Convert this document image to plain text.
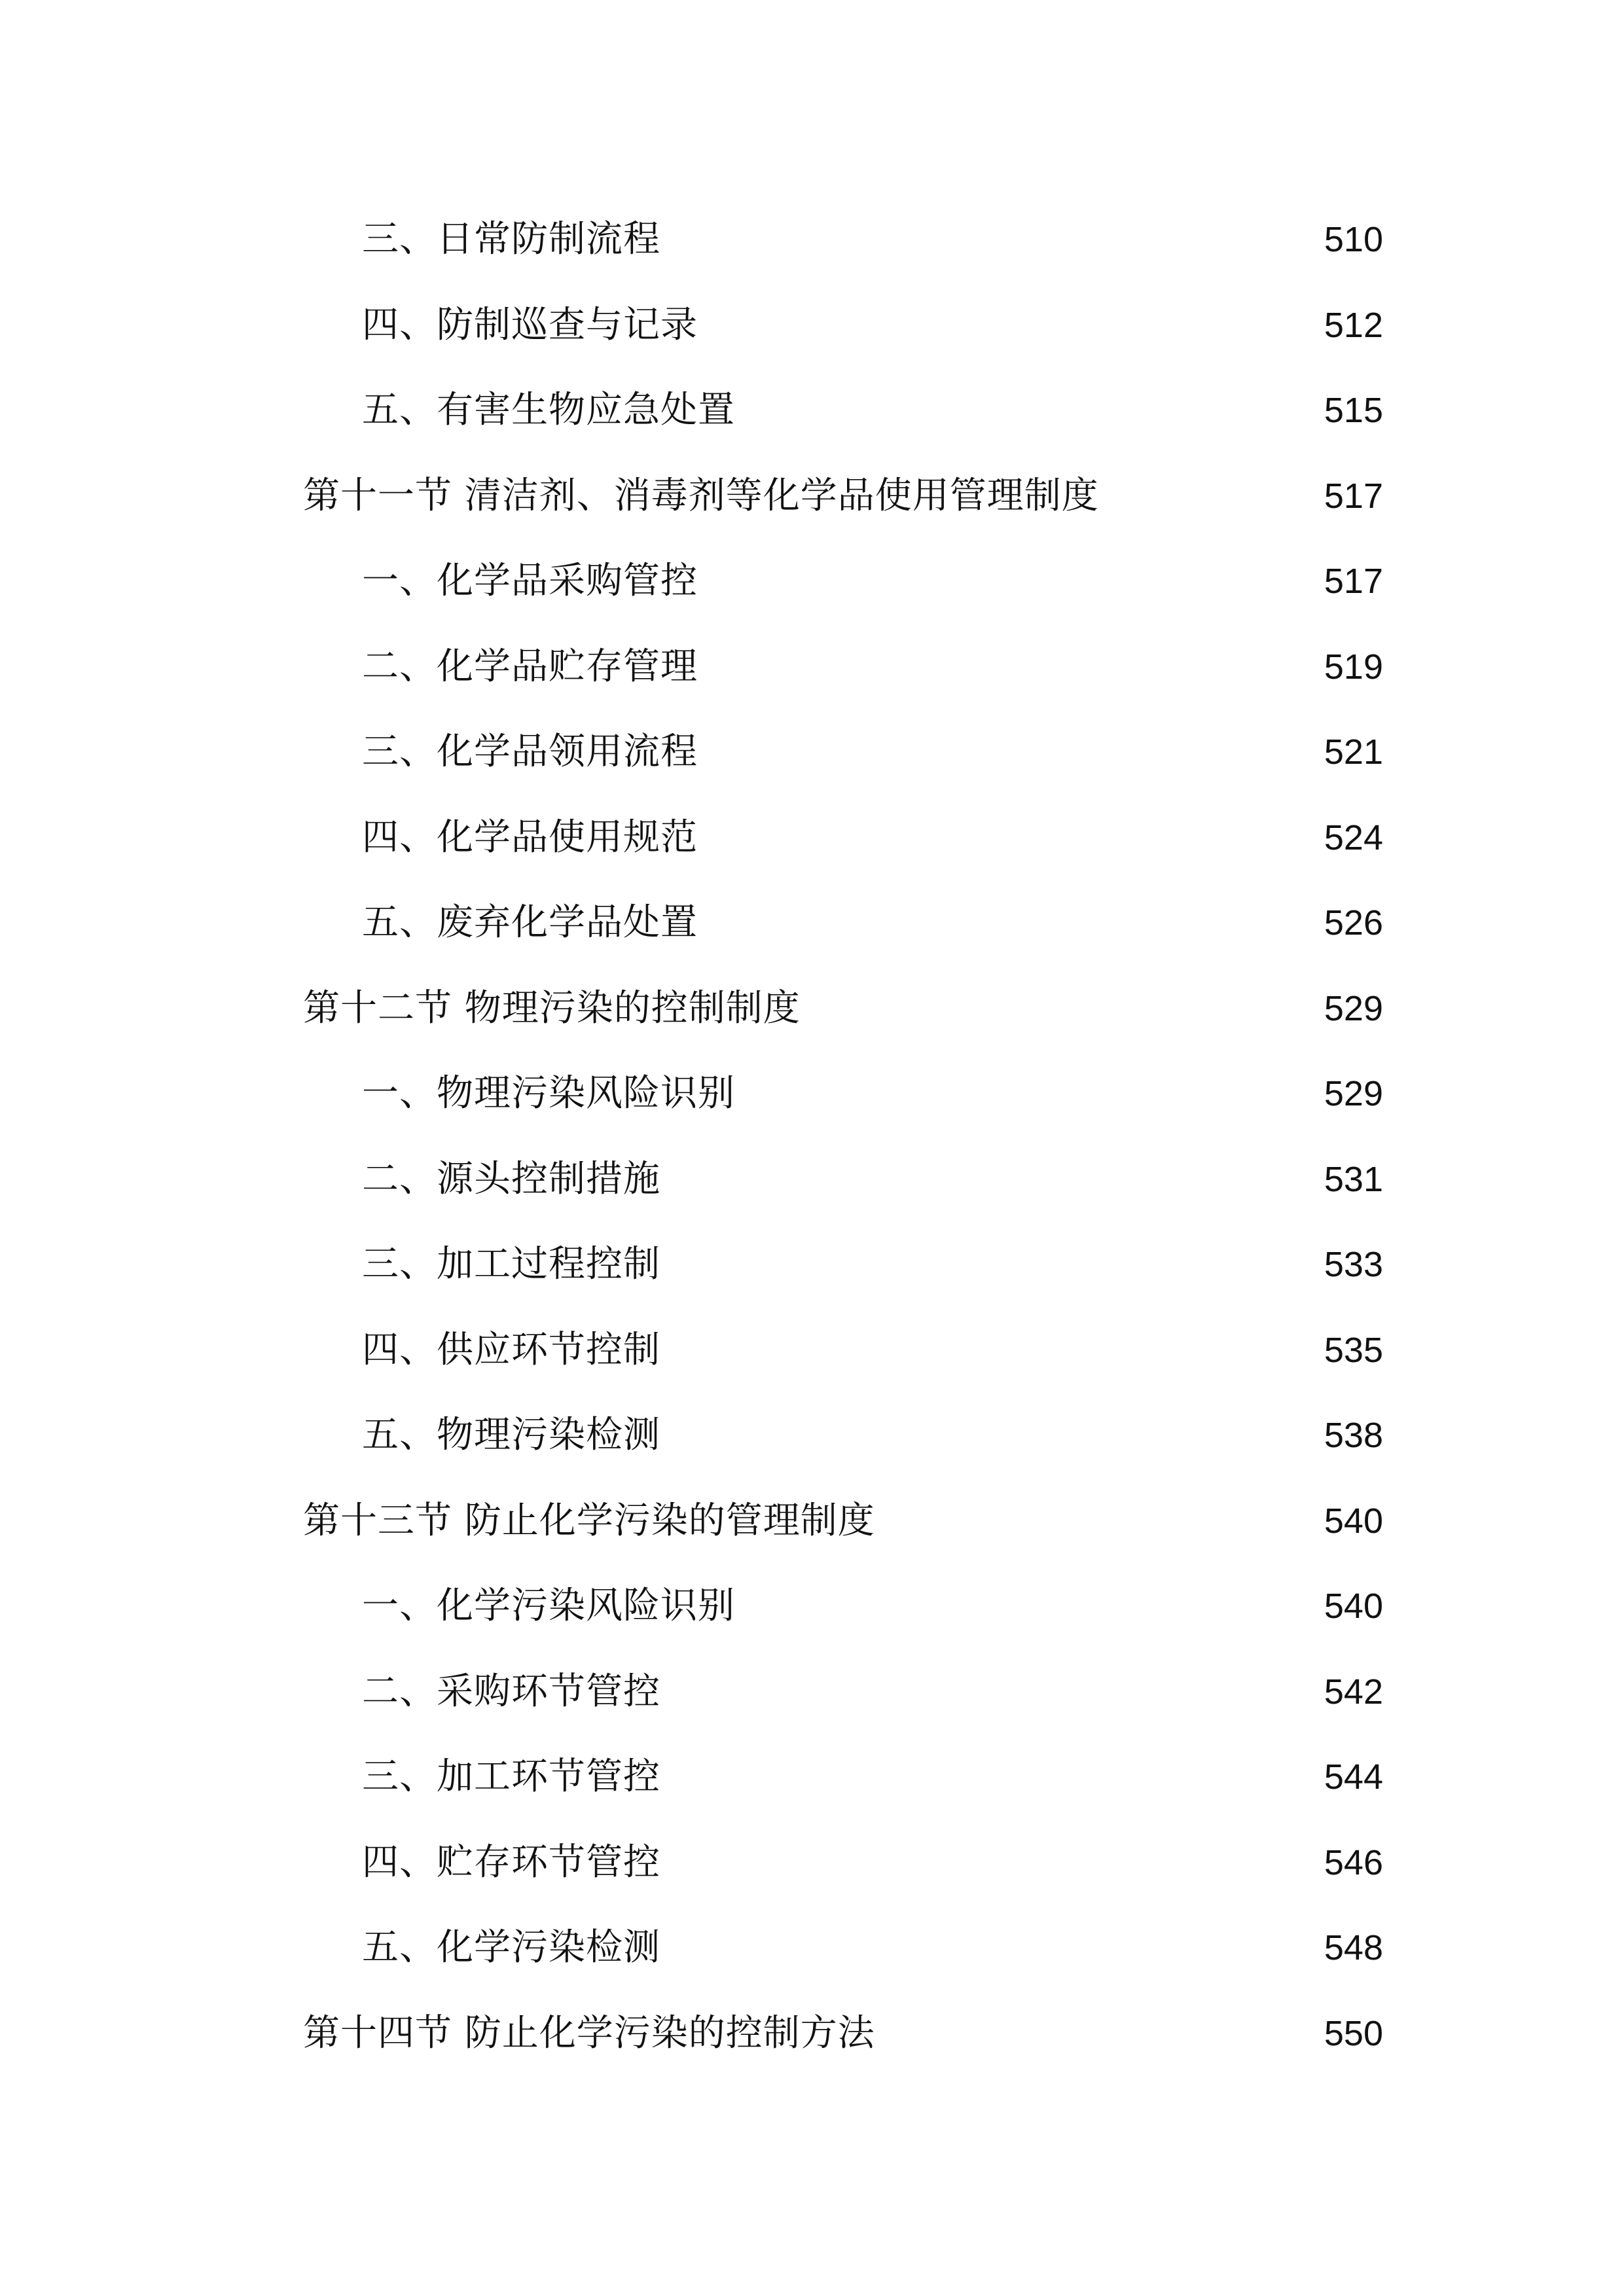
三、日常防制流程	510
四、防制巡查与记录	512
五、有害生物应急处置	515
第十一节 清洁剂、消毒剂等化学品使用管理制度	517
一、化学品采购管控	517
二、化学品贮存管理	519
三、化学品领用流程	521
四、化学品使用规范	524
五、废弃化学品处置	526
第十二节 物理污染的控制制度	529
一、物理污染风险识别	529
二、源头控制措施	531
三、加工过程控制	533
四、供应环节控制	535
五、物理污染检测	538
第十三节 防止化学污染的管理制度	540
一、化学污染风险识别	540
二、采购环节管控	542
三、加工环节管控	544
四、贮存环节管控	546
五、化学污染检测	548
第十四节 防止化学污染的控制方法	550
